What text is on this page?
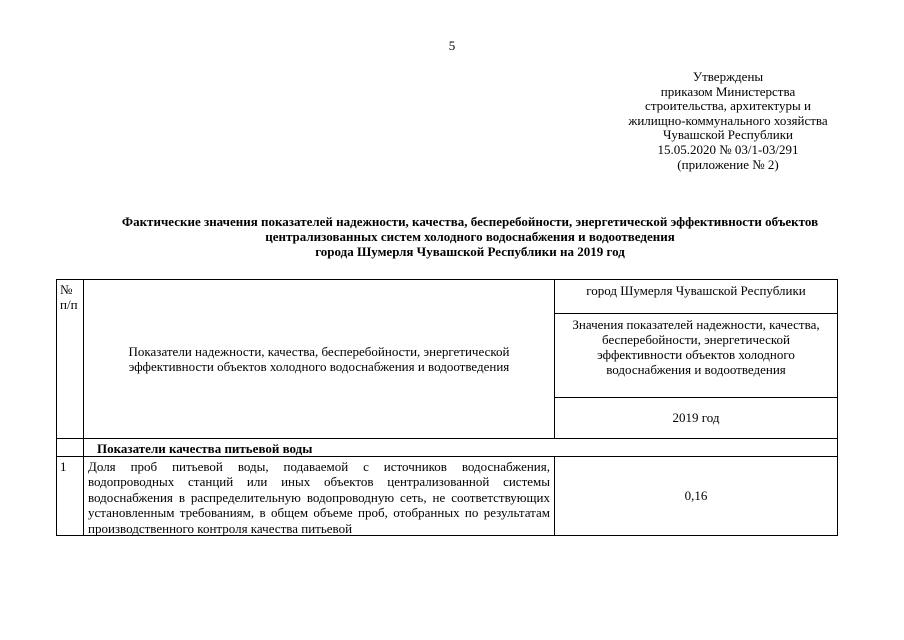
5
Утверждены
приказом Министерства
строительства, архитектуры и
жилищно-коммунального хозяйства
Чувашской Республики
15.05.2020 № 03/1-03/291
(приложение № 2)
Фактические значения показателей надежности, качества, бесперебойности, энергетической эффективности объектов
централизованных систем холодного водоснабжения и водоотведения
города Шумерля Чувашской Республики на 2019 год
№ п/п	Показатели надежности, качества, бесперебойности, энергетической эффективности объектов холодного водоснабжения и водоотведения	город Шумерля Чувашской Республики
		Значения показателей надежности, качества, бесперебойности, энергетической эффективности объектов холодного водоснабжения и водоотведения
		2019 год
	Показатели качества питьевой воды	
1	Доля проб питьевой воды, подаваемой с источников водоснабжения, водопроводных станций или иных объектов централизованной системы водоснабжения в распределительную водопроводную сеть, не соответствующих установленным требованиям, в общем объеме проб, отобранных по результатам производственного контроля качества питьевой	0,16
